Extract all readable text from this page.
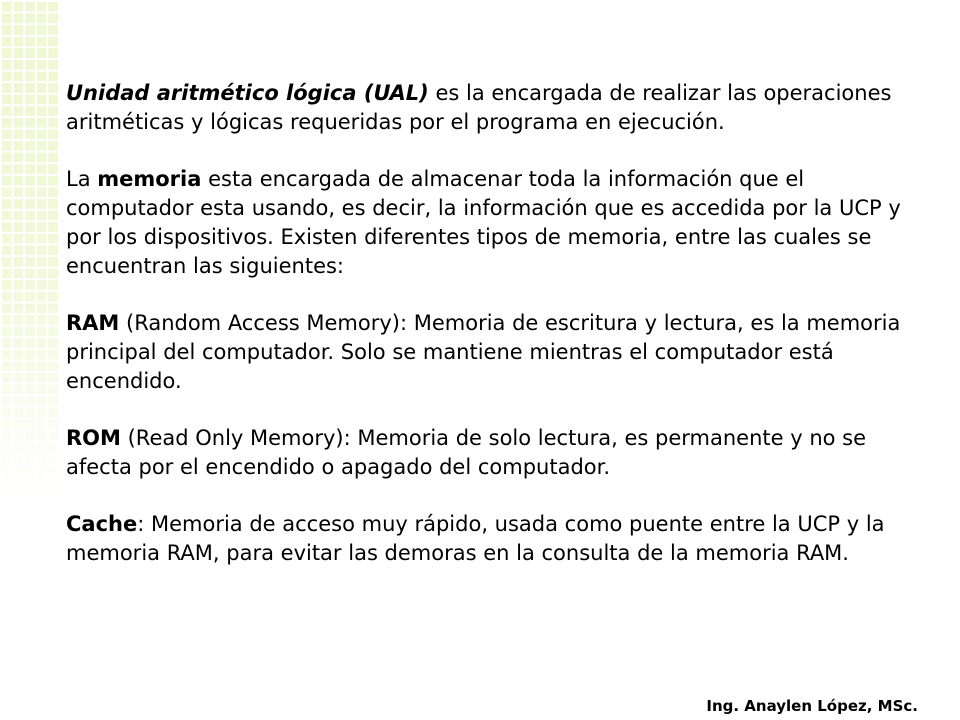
Unidad aritmético lógica (UAL) es la encargada de realizar las operaciones aritméticas y lógicas requeridas por el programa en ejecución.

La memoria esta encargada de almacenar toda la información que el computador esta usando, es decir, la información que es accedida por la UCP y por los dispositivos. Existen diferentes tipos de memoria, entre las cuales se encuentran las siguientes:

RAM (Random Access Memory): Memoria de escritura y lectura, es la memoria principal del computador. Solo se mantiene mientras el computador está encendido.

ROM (Read Only Memory): Memoria de solo lectura, es permanente y no se afecta por el encendido o apagado del computador.

Cache: Memoria de acceso muy rápido, usada como puente entre la UCP y la memoria RAM, para evitar las demoras en la consulta de la memoria RAM.

Ing. Anaylen López, MSc.
